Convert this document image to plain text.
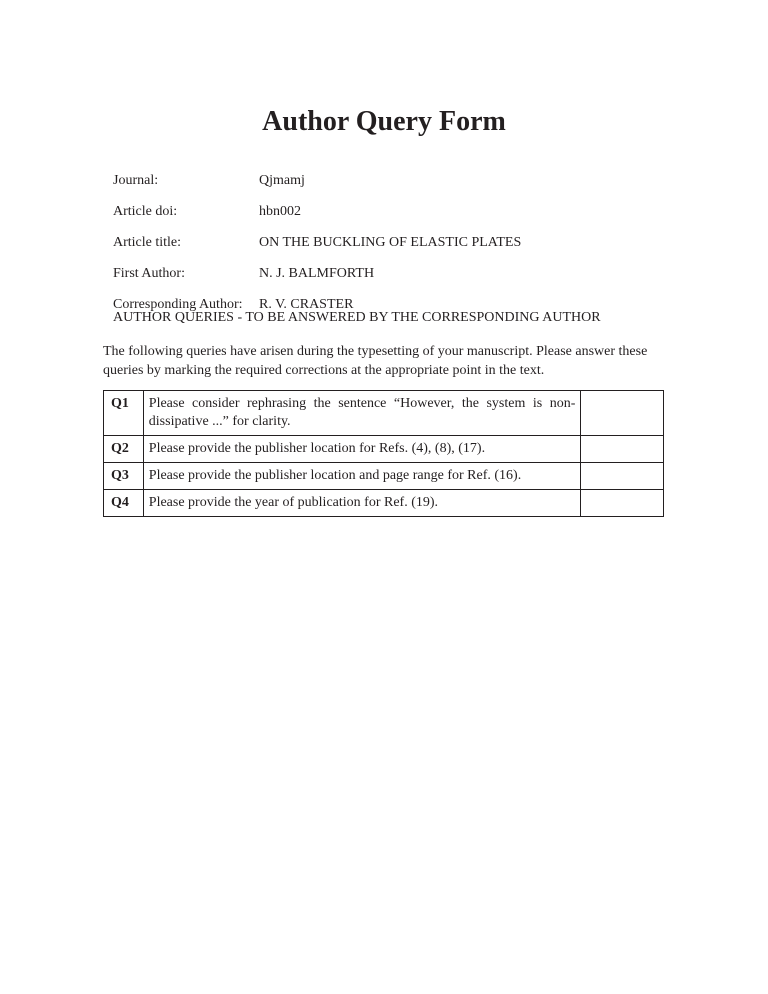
Author Query Form
Journal:	Qjmamj
Article doi:	hbn002
Article title:	ON THE BUCKLING OF ELASTIC PLATES
First Author:	N. J. BALMFORTH
Corresponding Author:	R. V. CRASTER
AUTHOR QUERIES - TO BE ANSWERED BY THE CORRESPONDING AUTHOR
The following queries have arisen during the typesetting of your manuscript. Please answer these queries by marking the required corrections at the appropriate point in the text.
Q1	Please consider rephrasing the sentence “However, the system is non-dissipative ...” for clarity.	
Q2	Please provide the publisher location for Refs. (4), (8), (17).	
Q3	Please provide the publisher location and page range for Ref. (16).	
Q4	Please provide the year of publication for Ref. (19).	
